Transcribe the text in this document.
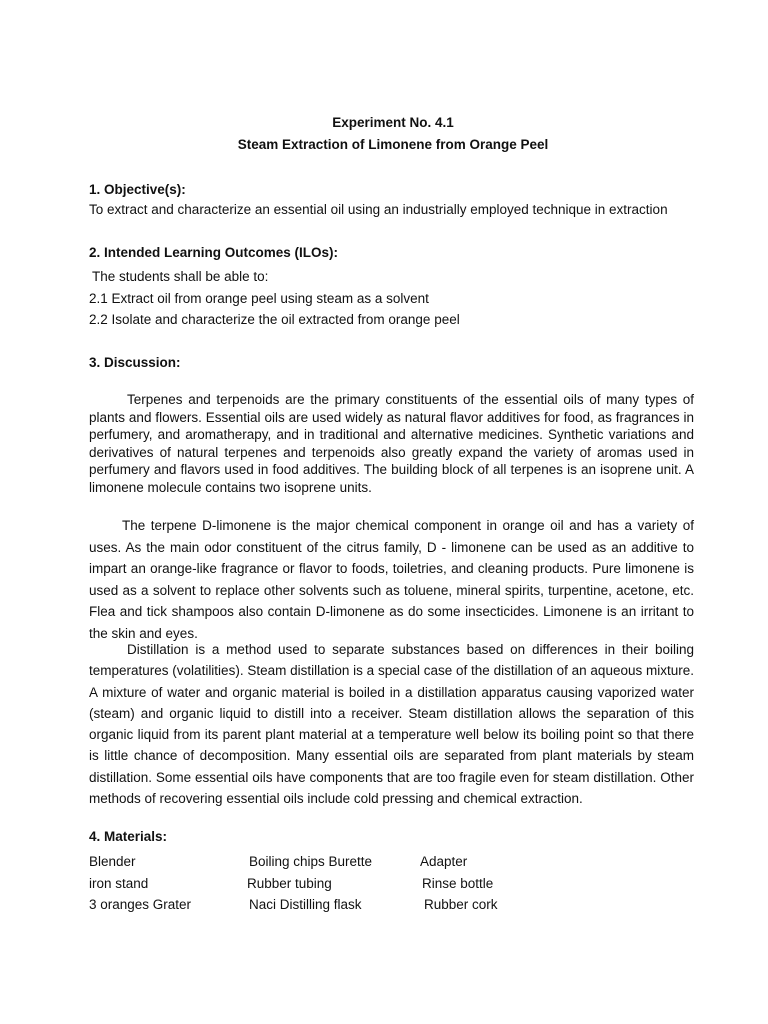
Experiment No. 4.1
Steam Extraction of Limonene from Orange Peel
1. Objective(s):
To extract and characterize an essential oil using an industrially employed technique in extraction
2. Intended Learning Outcomes (ILOs):
The students shall be able to:
2.1 Extract oil from orange peel using steam as a solvent
2.2 Isolate and characterize the oil extracted from orange peel
3. Discussion:

Terpenes and terpenoids are the primary constituents of the essential oils of many types of plants and flowers. Essential oils are used widely as natural flavor additives for food, as fragrances in perfumery, and aromatherapy, and in traditional and alternative medicines. Synthetic variations and derivatives of natural terpenes and terpenoids also greatly expand the variety of aromas used in perfumery and flavors used in food additives. The building block of all terpenes is an isoprene unit. A limonene molecule contains two isoprene units.

The terpene D-limonene is the major chemical component in orange oil and has a variety of uses. As the main odor constituent of the citrus family, D - limonene can be used as an additive to impart an orange-like fragrance or flavor to foods, toiletries, and cleaning products. Pure limonene is used as a solvent to replace other solvents such as toluene, mineral spirits, turpentine, acetone, etc. Flea and tick shampoos also contain D-limonene as do some insecticides. Limonene is an irritant to the skin and eyes.

Distillation is a method used to separate substances based on differences in their boiling temperatures (volatilities). Steam distillation is a special case of the distillation of an aqueous mixture. A mixture of water and organic material is boiled in a distillation apparatus causing vaporized water (steam) and organic liquid to distill into a receiver. Steam distillation allows the separation of this organic liquid from its parent plant material at a temperature well below its boiling point so that there is little chance of decomposition. Many essential oils are separated from plant materials by steam distillation. Some essential oils have components that are too fragile even for steam distillation. Other methods of recovering essential oils include cold pressing and chemical extraction.

4. Materials:
Blender	Boiling chips Burette	Adapter
iron stand	Rubber tubing	Rinse bottle
3 oranges Grater	Naci Distilling flask	Rubber cork
